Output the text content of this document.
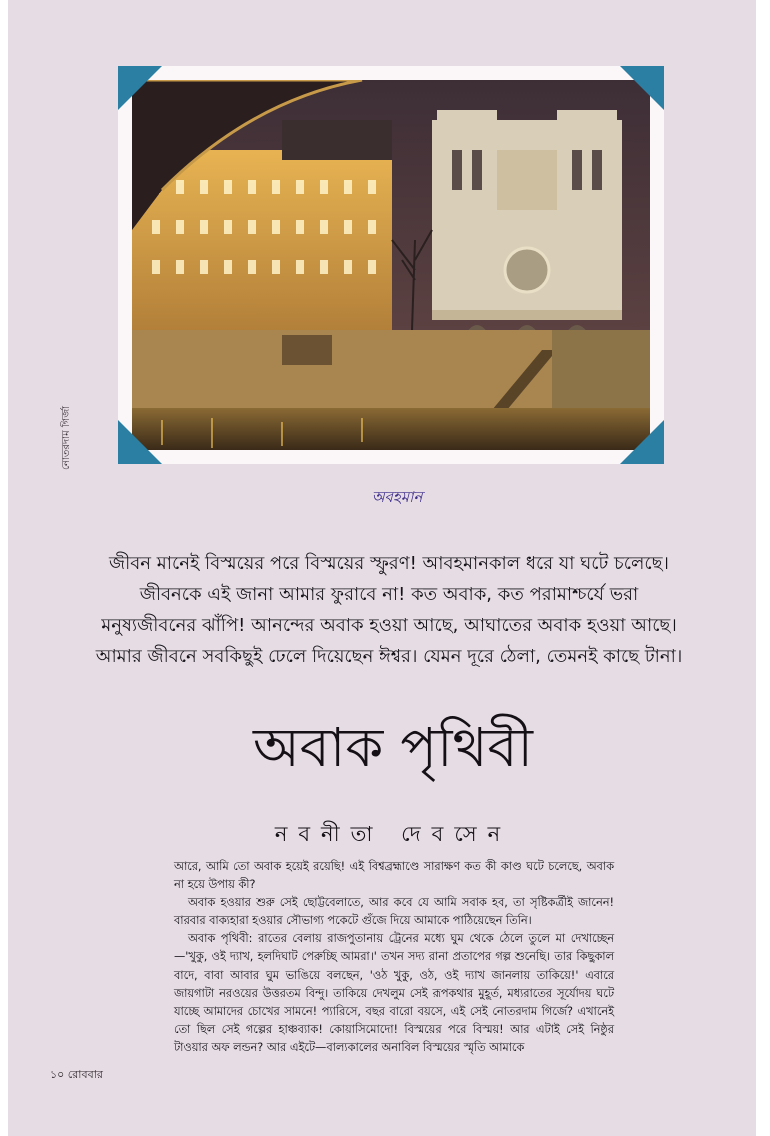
নোতরদাম গির্জা
অবহমান
জীবন মানেই বিস্ময়ের পরে বিস্ময়ের স্ফুরণ! আবহমানকাল ধরে যা ঘটে চলেছে। জীবনকে এই জানা আমার ফুরাবে না! কত অবাক, কত পরামাশ্চর্যে ভরা মনুষ্যজীবনের ঝাঁপি! আনন্দের অবাক হওয়া আছে, আঘাতের অবাক হওয়া আছে। আমার জীবনে সবকিছুই ঢেলে দিয়েছেন ঈশ্বর। যেমন দূরে ঠেলা, তেমনই কাছে টানা।
অবাক পৃথিবী
নবনীতা দেবসেন

আরে, আমি তো অবাক হয়েই রয়েছি! এই বিশ্বব্রহ্মাণ্ডে সারাক্ষণ কত কী কাণ্ড ঘটে চলেছে, অবাক না হয়ে উপায় কী?

অবাক হওয়ার শুরু সেই ছোট্টবেলাতে, আর কবে যে আমি সবাক হব, তা সৃষ্টিকর্ত্রীই জানেন! বারবার বাক্যহারা হওয়ার সৌভাগ্য পকেটে গুঁজে দিয়ে আমাকে পাঠিয়েছেন তিনি।

অবাক পৃথিবী: রাতের বেলায় রাজপুতানায় ট্রেনের মধ্যে ঘুম থেকে ঠেলে তুলে মা দেখাচ্ছেন—'খুকু, ওই দ্যাখ, হলদিঘাট পেরুচ্ছি আমরা।' তখন সদ্য রানা প্রতাপের গল্প শুনেছি। তার কিছুকাল বাদে, বাবা আবার ঘুম ভাঙিয়ে বলছেন, 'ওঠ খুকু, ওঠ, ওই দ্যাখ জানলায় তাকিয়ে!' এবারে জায়গাটা নরওয়ের উত্তরতম বিন্দু। তাকিয়ে দেখলুম সেই রূপকথার মুহূর্ত, মধ্যরাতের সূর্যোদয় ঘটে যাচ্ছে আমাদের চোখের সামনে! প্যারিসে, বছর বারো বয়সে, এই সেই নোতরদাম গির্জে? এখানেই তো ছিল সেই গল্পের হাঞ্চব্যাক! কোয়াসিমোদো! বিস্ময়ের পরে বিস্ময়! আর এটাই সেই নিষ্ঠুর টাওয়ার অফ লন্ডন? আর এইটে—বাল্যকালের অনাবিল বিস্ময়ের স্মৃতি আমাকে

১০ রোববার
